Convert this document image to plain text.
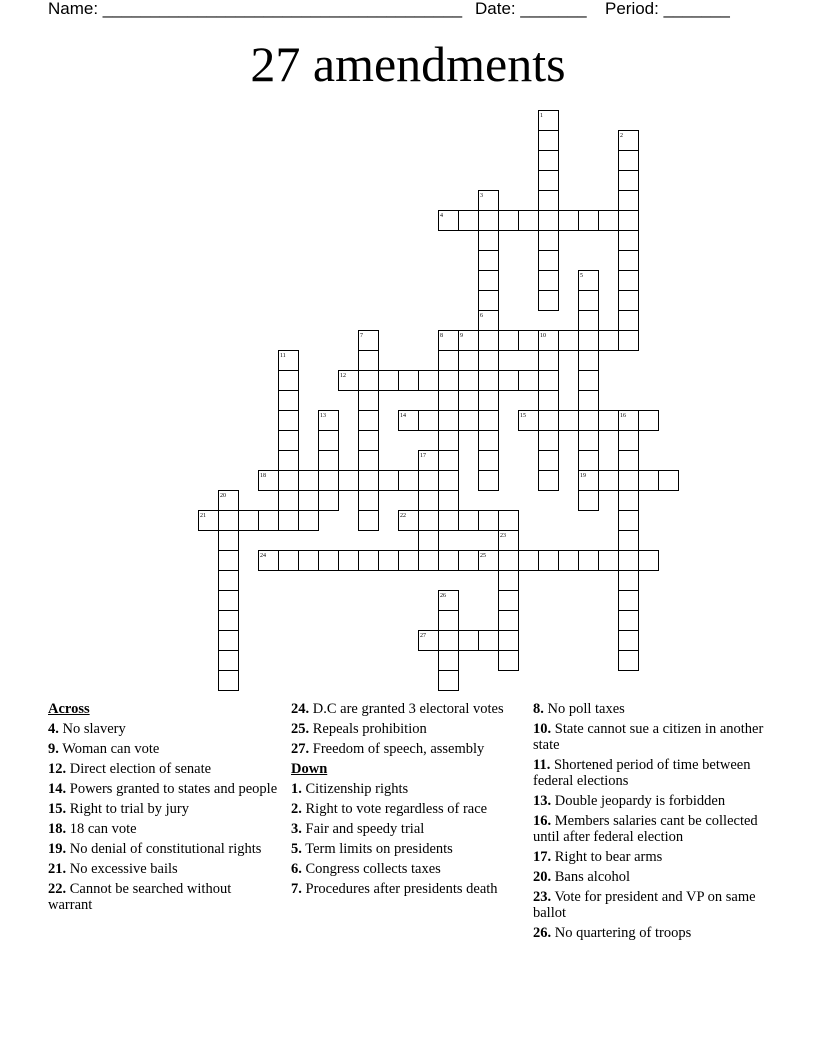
Name: ______________________________________ Date: _______ Period: _______
27 amendments
1
2
3
4
5
6
7	8	9	10
11
12
13	14	15	16
17
18	19
20
21	22
23
24	25
26
27
Across
4. No slavery
9. Woman can vote
12. Direct election of senate
14. Powers granted to states and people
15. Right to trial by jury
18. 18 can vote
19. No denial of constitutional rights
21. No excessive bails
22. Cannot be searched without warrant
24. D.C are granted 3 electoral votes
25. Repeals prohibition
27. Freedom of speech, assembly
Down
1. Citizenship rights
2. Right to vote regardless of race
3. Fair and speedy trial
5. Term limits on presidents
6. Congress collects taxes
7. Procedures after presidents death
8. No poll taxes
10. State cannot sue a citizen in another state
11. Shortened period of time between federal elections
13. Double jeopardy is forbidden
16. Members salaries cant be collected until after federal election
17. Right to bear arms
20. Bans alcohol
23. Vote for president and VP on same ballot
26. No quartering of troops
